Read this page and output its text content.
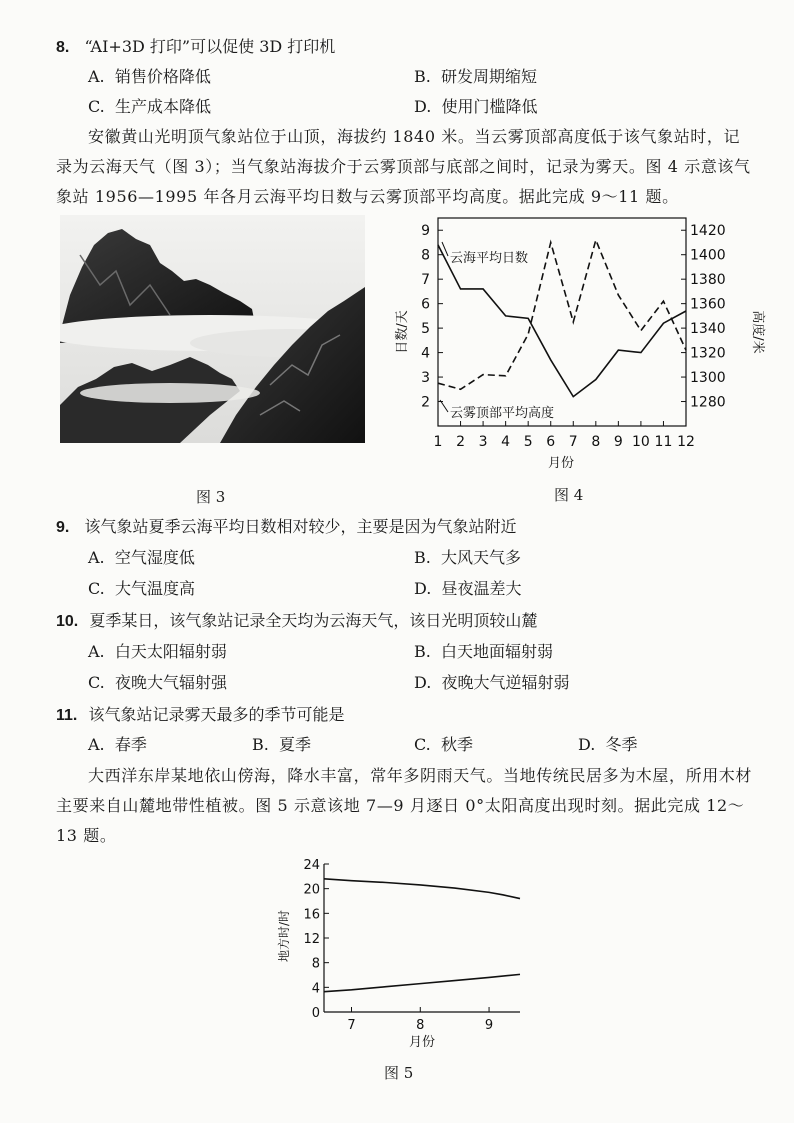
8. “AI+3D 打印”可以促使 3D 打印机
A. 销售价格降低	B. 研发周期缩短
C. 生产成本降低	D. 使用门槛降低
安徽黄山光明顶气象站位于山顶，海拔约 1840 米。当云雾顶部高度低于该气象站时，记录为云海天气（图 3）；当气象站海拔介于云雾顶部与底部之间时，记录为雾天。图 4 示意该气象站 1956—1995 年各月云海平均日数与云雾顶部平均高度。据此完成 9～11 题。
2
3
4
5
6
7
8
9
1280
1300
1320
1340
1360
1380
1400
1420
1 2 3 4 5 6 7 8 9 10 11 12
云海平均日数
云雾顶部平均高度
日数/天	高度/米
月份
图 3	图 4
9. 该气象站夏季云海平均日数相对较少，主要是因为气象站附近
A. 空气湿度低	B. 大风天气多
C. 大气温度高	D. 昼夜温差大
10. 夏季某日，该气象站记录全天均为云海天气，该日光明顶较山麓
A. 白天太阳辐射弱	B. 白天地面辐射弱
C. 夜晚大气辐射强	D. 夜晚大气逆辐射弱
11. 该气象站记录雾天最多的季节可能是
A. 春季	B. 夏季	C. 秋季	D. 冬季
大西洋东岸某地依山傍海，降水丰富，常年多阴雨天气。当地传统民居多为木屋，所用木材主要来自山麓地带性植被。图 5 示意该地 7—9 月逐日 0°太阳高度出现时刻。据此完成 12～13 题。
0
4
8
12
16
20
24
7	8	9
地方时/时
月份
图 5
